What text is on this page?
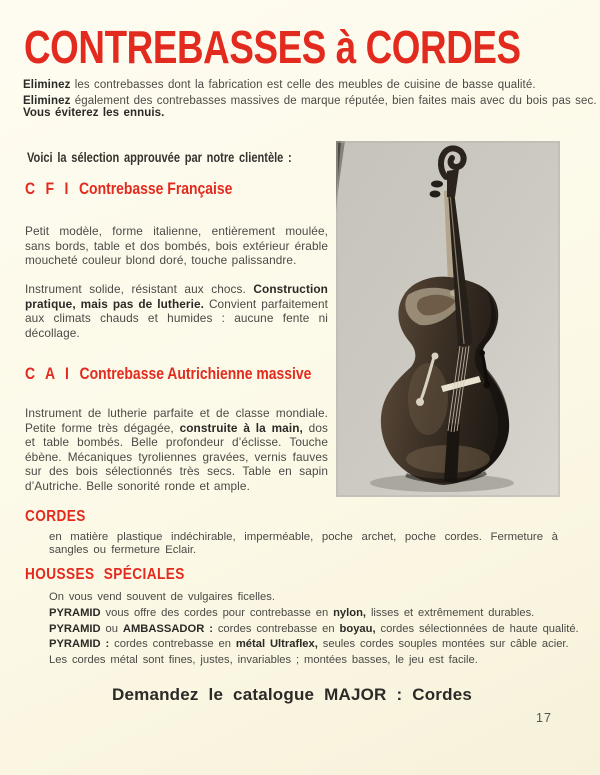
CONTREBASSES à CORDES

Eliminez les contrebasses dont la fabrication est celle des meubles de cuisine de basse qualité.

Eliminez également des contrebasses massives de marque réputée, bien faites mais avec du bois pas sec.

Vous éviterez les ennuis.

Voici la sélection approuvée par notre clientèle :

C F I Contrebasse Française

Petit modèle, forme italienne, entièrement moulée, sans bords, table et dos bombés, bois extérieur érable moucheté couleur blond doré, touche palissandre.

Instrument solide, résistant aux chocs. Construction pratique, mais pas de lutherie. Convient parfaitement aux climats chauds et humides : aucune fente ni décollage.

C A I Contrebasse Autrichienne massive

Instrument de lutherie parfaite et de classe mondiale. Petite forme très dégagée, construite à la main, dos et table bombés. Belle profondeur d’éclisse. Touche ébène. Mécaniques tyroliennes gravées, vernis fauves sur des bois sélectionnés très secs. Table en sapin d’Autriche. Belle sonorité ronde et ample.

CORDES

en matière plastique indéchirable, imperméable, poche archet, poche cordes. Fermeture à sangles ou fermeture Eclair.

HOUSSES SPÉCIALES
On vous vend souvent de vulgaires ficelles.
PYRAMID vous offre des cordes pour contrebasse en nylon, lisses et extrêmement durables.
PYRAMID ou AMBASSADOR : cordes contrebasse en boyau, cordes sélectionnées de haute qualité.
PYRAMID : cordes contrebasse en métal Ultraflex, seules cordes souples montées sur câble acier.
Les cordes métal sont fines, justes, invariables ; montées basses, le jeu est facile.

Demandez le catalogue MAJOR : Cordes

17
